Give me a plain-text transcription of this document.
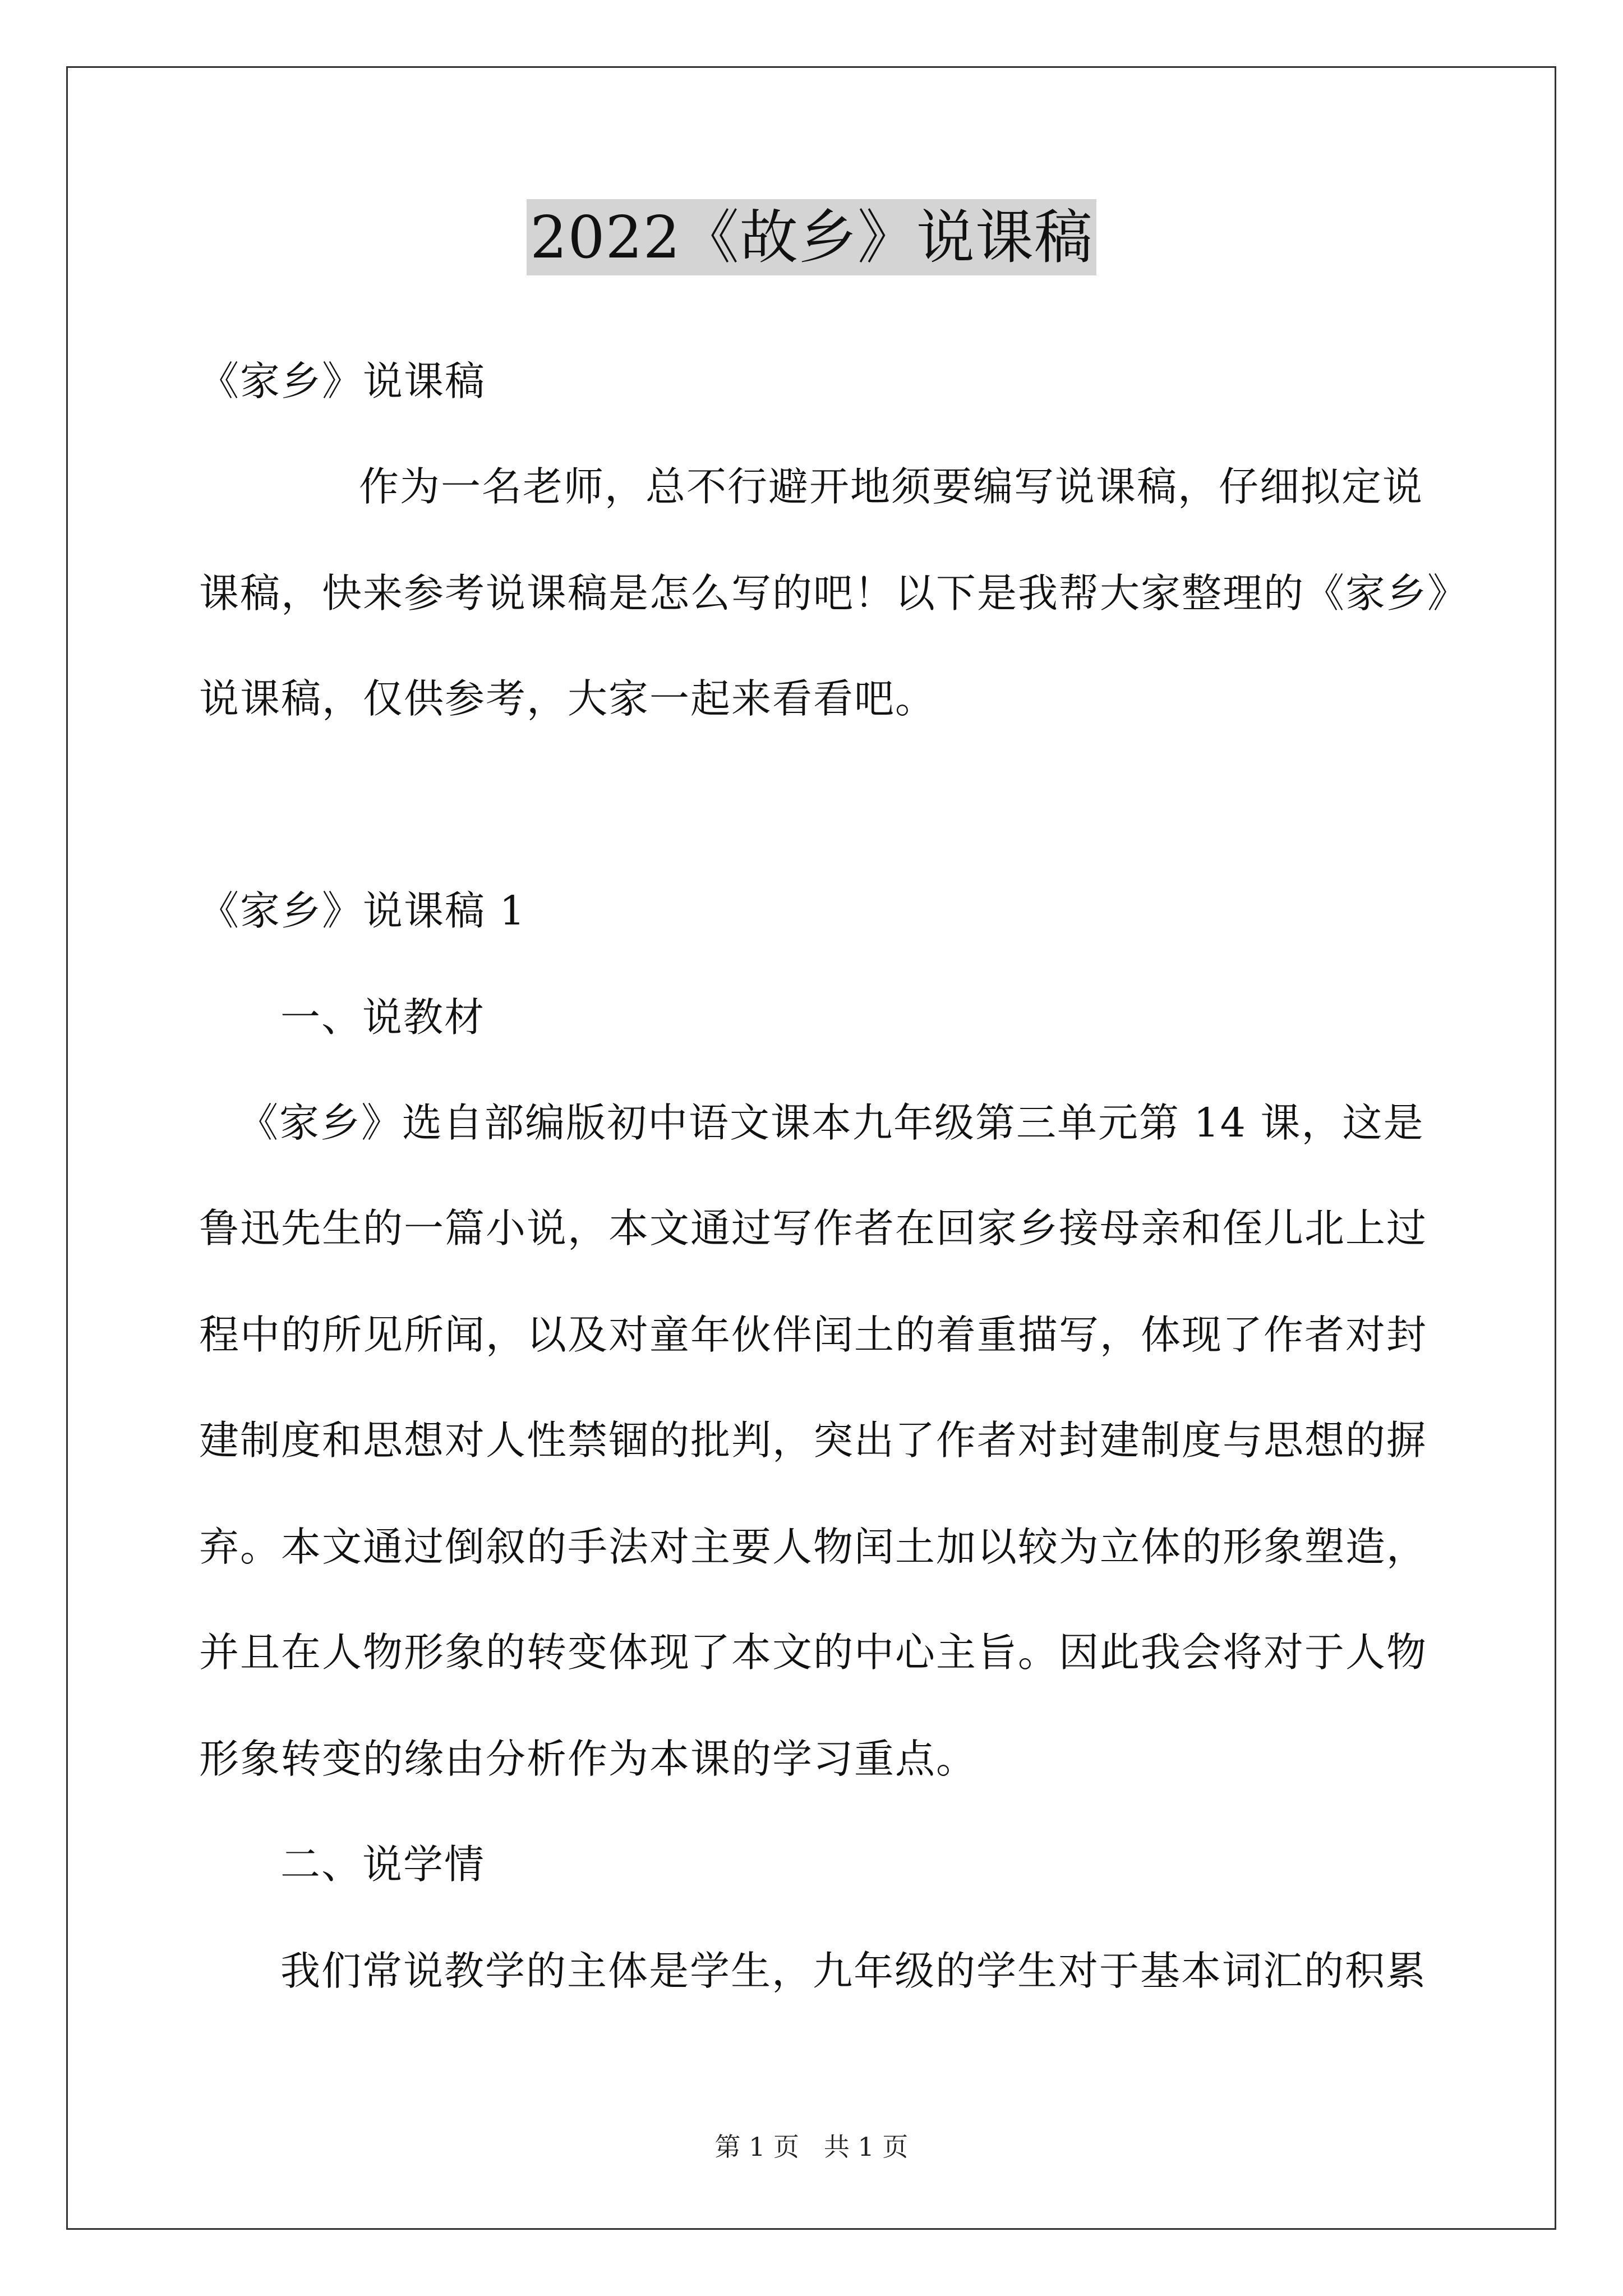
2022《故乡》说课稿
《家乡》说课稿
作为一名老师，总不行避开地须要编写说课稿，仔细拟定说
课稿，快来参考说课稿是怎么写的吧！以下是我帮大家整理的《家乡》
说课稿，仅供参考，大家一起来看看吧。
《家乡》说课稿 1
一、说教材
《家乡》选自部编版初中语文课本九年级第三单元第 14 课，这是
鲁迅先生的一篇小说，本文通过写作者在回家乡接母亲和侄儿北上过
程中的所见所闻，以及对童年伙伴闰土的着重描写，体现了作者对封
建制度和思想对人性禁锢的批判，突出了作者对封建制度与思想的摒
弃。本文通过倒叙的手法对主要人物闰土加以较为立体的形象塑造，
并且在人物形象的转变体现了本文的中心主旨。因此我会将对于人物
形象转变的缘由分析作为本课的学习重点。
二、说学情
我们常说教学的主体是学生，九年级的学生对于基本词汇的积累
第 1 页   共 1 页
